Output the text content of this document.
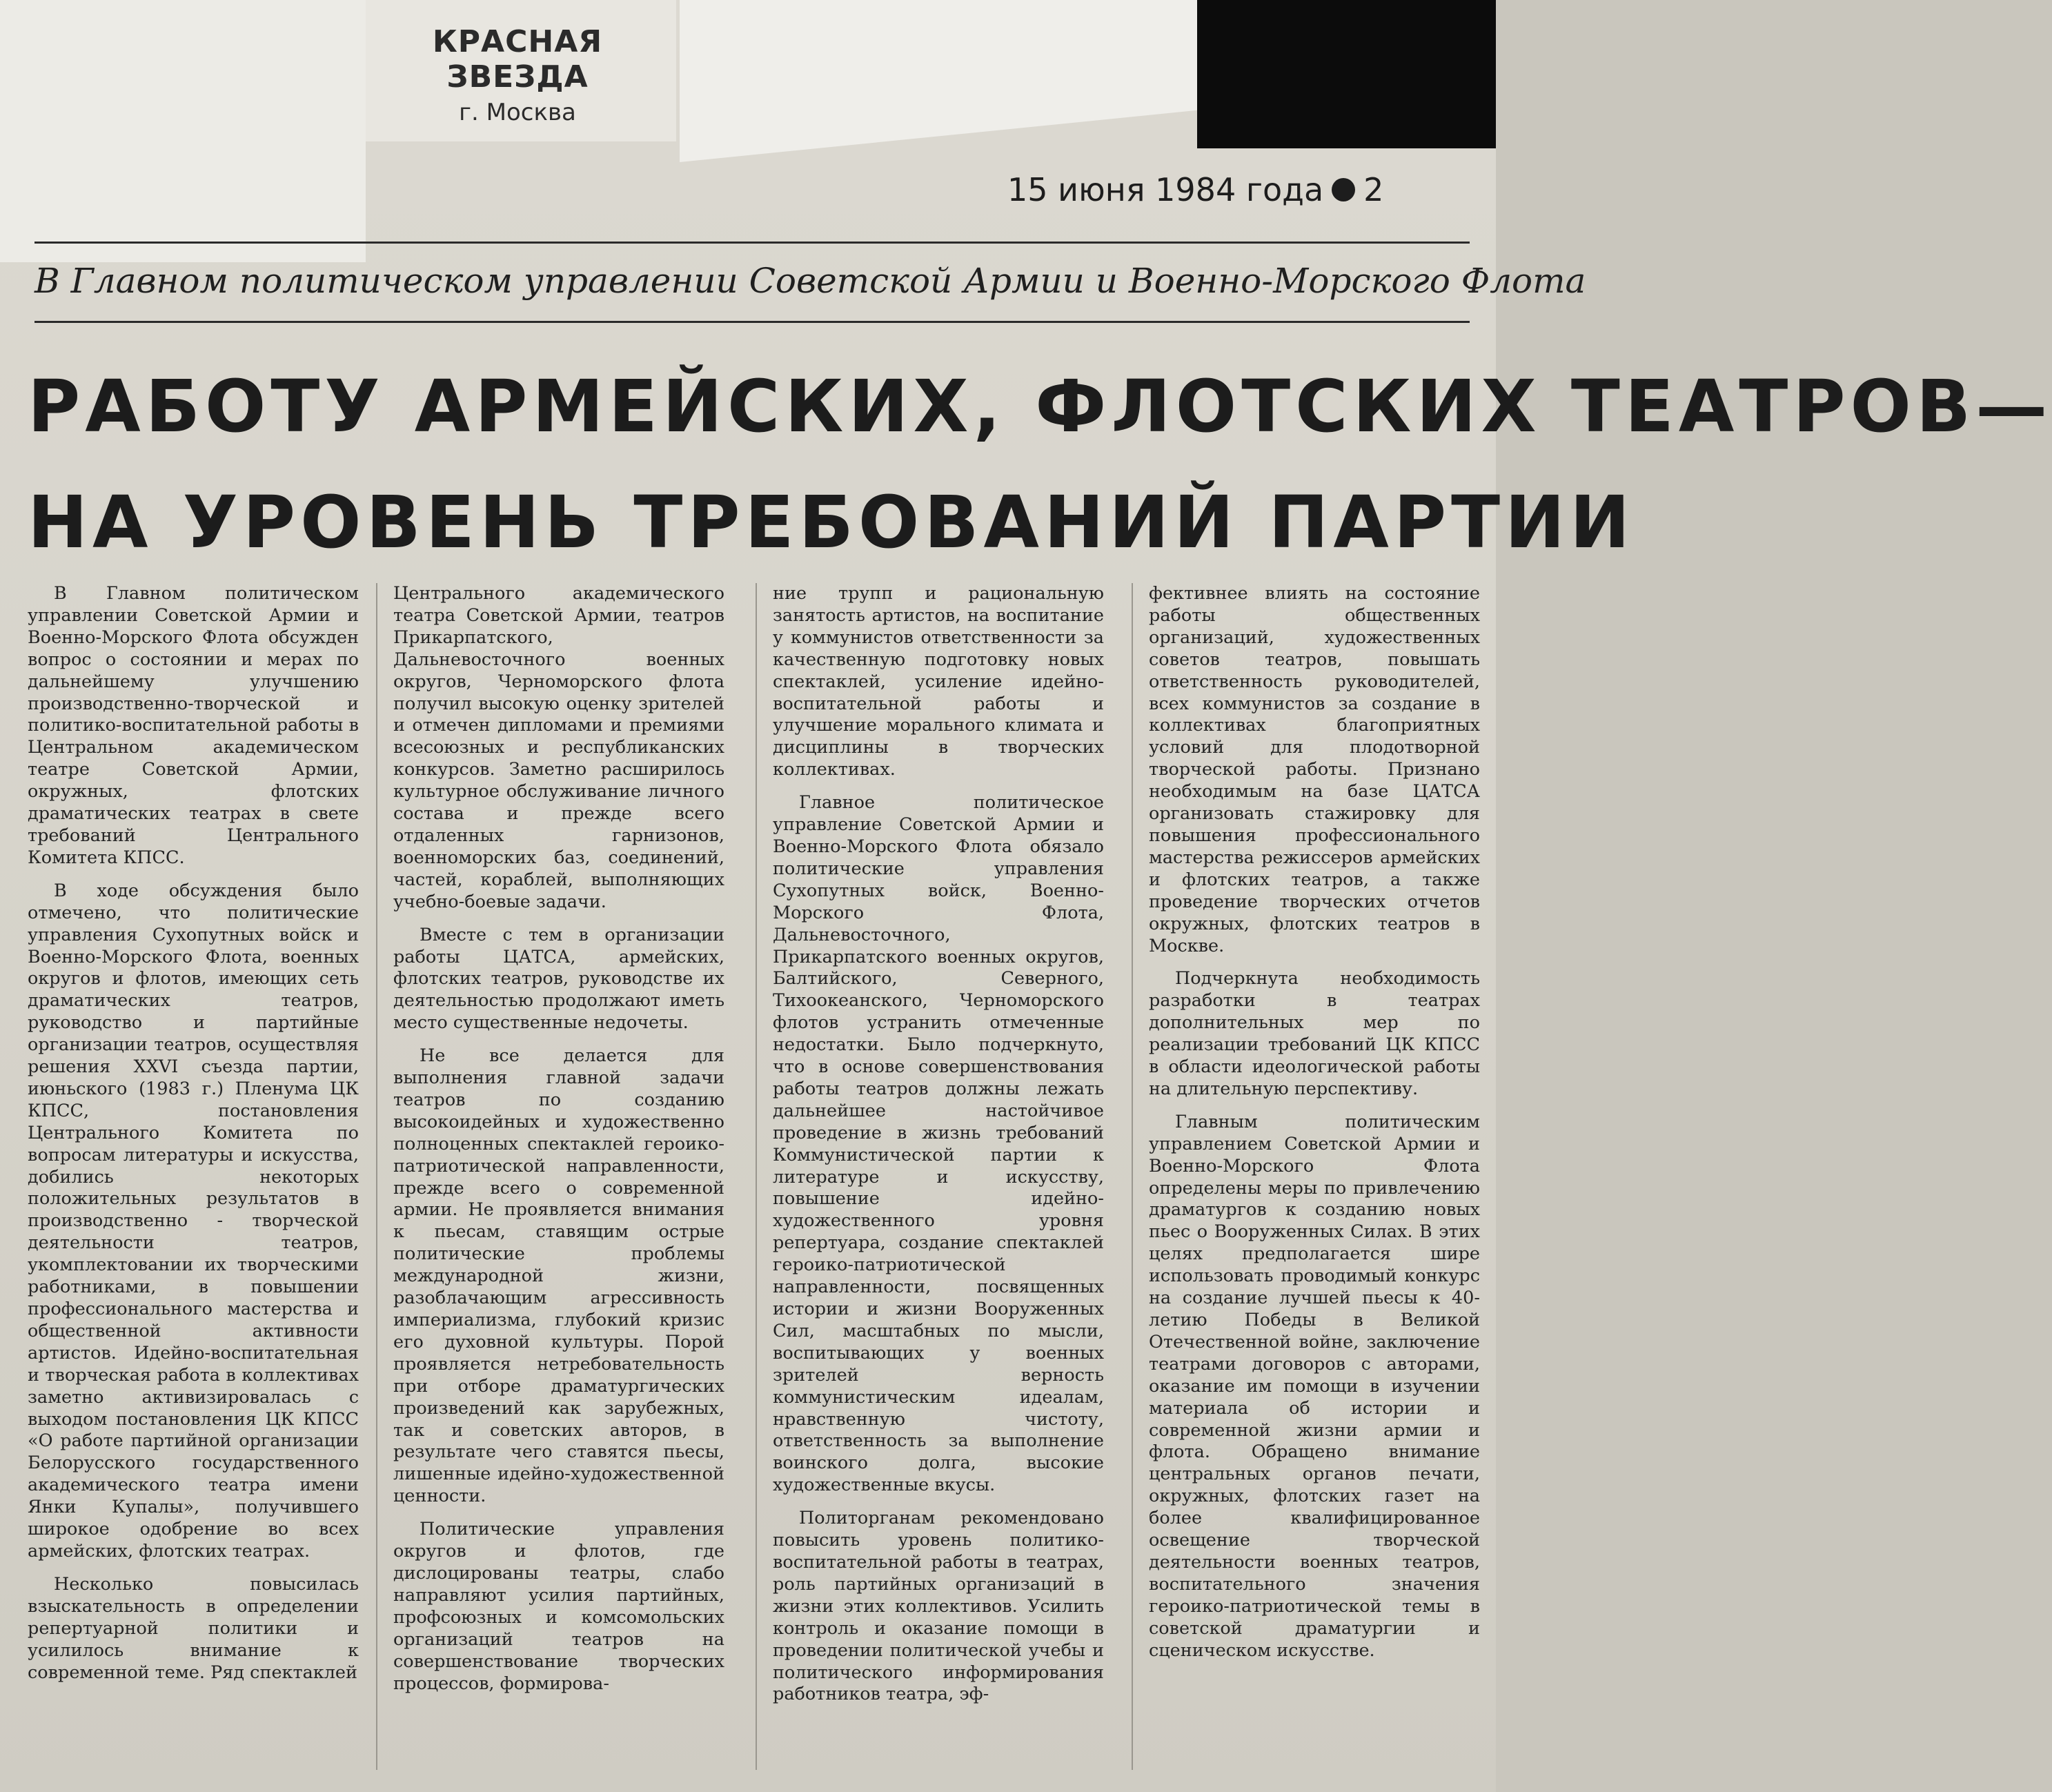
КРАСНАЯ ЗВЕЗДА
г. Москва
15 июня 1984 года 2
В Главном политическом управлении Советской Армии и Военно-Морского Флота
РАБОТУ АРМЕЙСКИХ, ФЛОТСКИХ ТЕАТРОВ—
НА УРОВЕНЬ ТРЕБОВАНИЙ ПАРТИИ

В Главном политическом управлении Советской Армии и Военно-Морского Флота обсужден вопрос о состоянии и мерах по дальнейшему улучшению производственно-творческой и политико-воспитательной работы в Центральном академическом театре Советской Армии, окружных, флотских драматических театрах в свете требований Центрального Комитета КПСС.

В ходе обсуждения было отмечено, что политические управления Сухопутных войск и Военно-Морского Флота, военных округов и флотов, имеющих сеть драматических театров, руководство и партийные организации театров, осуществляя решения XXVI съезда партии, июньского (1983 г.) Пленума ЦК КПСС, постановления Центрального Комитета по вопросам литературы и искусства, добились некоторых положительных результатов в производственно - творческой деятельности театров, укомплектовании их творческими работниками, в повышении профессионального мастерства и общественной активности артистов. Идейно-воспитательная и творческая работа в коллективах заметно активизировалась с выходом постановления ЦК КПСС «О работе партийной организации Белорусского государственного академического театра имени Янки Купалы», получившего широкое одобрение во всех армейских, флотских театрах.

Несколько повысилась взыскательность в определении репертуарной политики и усилилось внимание к современной теме. Ряд спектаклей

Центрального академического театра Советской Армии, театров Прикарпатского, Дальневосточного военных округов, Черноморского флота получил высокую оценку зрителей и отмечен дипломами и премиями всесоюзных и республиканских конкурсов. Заметно расширилось культурное обслуживание личного состава и прежде всего отдаленных гарнизонов, военноморских баз, соединений, частей, кораблей, выполняющих учебно-боевые задачи.

Вместе с тем в организации работы ЦАТСА, армейских, флотских театров, руководстве их деятельностью продолжают иметь место существенные недочеты.

Не все делается для выполнения главной задачи театров по созданию высокоидейных и художественно полноценных спектаклей героико-патриотической направленности, прежде всего о современной армии. Не проявляется внимания к пьесам, ставящим острые политические проблемы международной жизни, разоблачающим агрессивность империализма, глубокий кризис его духовной культуры. Порой проявляется нетребовательность при отборе драматургических произведений как зарубежных, так и советских авторов, в результате чего ставятся пьесы, лишенные идейно-художественной ценности.

Политические управления округов и флотов, где дислоцированы театры, слабо направляют усилия партийных, профсоюзных и комсомольских организаций театров на совершенствование творческих процессов, формирова-

ние трупп и рациональную занятость артистов, на воспитание у коммунистов ответственности за качественную подготовку новых спектаклей, усиление идейно-воспитательной работы и улучшение морального климата и дисциплины в творческих коллективах.

Главное политическое управление Советской Армии и Военно-Морского Флота обязало политические управления Сухопутных войск, Военно-Морского Флота, Дальневосточного, Прикарпатского военных округов, Балтийского, Северного, Тихоокеанского, Черноморского флотов устранить отмеченные недостатки. Было подчеркнуто, что в основе совершенствования работы театров должны лежать дальнейшее настойчивое проведение в жизнь требований Коммунистической партии к литературе и искусству, повышение идейно-художественного уровня репертуара, создание спектаклей героико-патриотической направленности, посвященных истории и жизни Вооруженных Сил, масштабных по мысли, воспитывающих у военных зрителей верность коммунистическим идеалам, нравственную чистоту, ответственность за выполнение воинского долга, высокие художественные вкусы.

Политорганам рекомендовано повысить уровень политико-воспитательной работы в театрах, роль партийных организаций в жизни этих коллективов. Усилить контроль и оказание помощи в проведении политической учебы и политического информирования работников театра, эф-

фективнее влиять на состояние работы общественных организаций, художественных советов театров, повышать ответственность руководителей, всех коммунистов за создание в коллективах благоприятных условий для плодотворной творческой работы. Признано необходимым на базе ЦАТСА организовать стажировку для повышения профессионального мастерства режиссеров армейских и флотских театров, а также проведение творческих отчетов окружных, флотских театров в Москве.

Подчеркнута необходимость разработки в театрах дополнительных мер по реализации требований ЦК КПСС в области идеологической работы на длительную перспективу.

Главным политическим управлением Советской Армии и Военно-Морского Флота определены меры по привлечению драматургов к созданию новых пьес о Вооруженных Силах. В этих целях предполагается шире использовать проводимый конкурс на создание лучшей пьесы к 40-летию Победы в Великой Отечественной войне, заключение театрами договоров с авторами, оказание им помощи в изучении материала об истории и современной жизни армии и флота. Обращено внимание центральных органов печати, окружных, флотских газет на более квалифицированное освещение творческой деятельности военных театров, воспитательного значения героико-патриотической темы в советской драматургии и сценическом искусстве.
